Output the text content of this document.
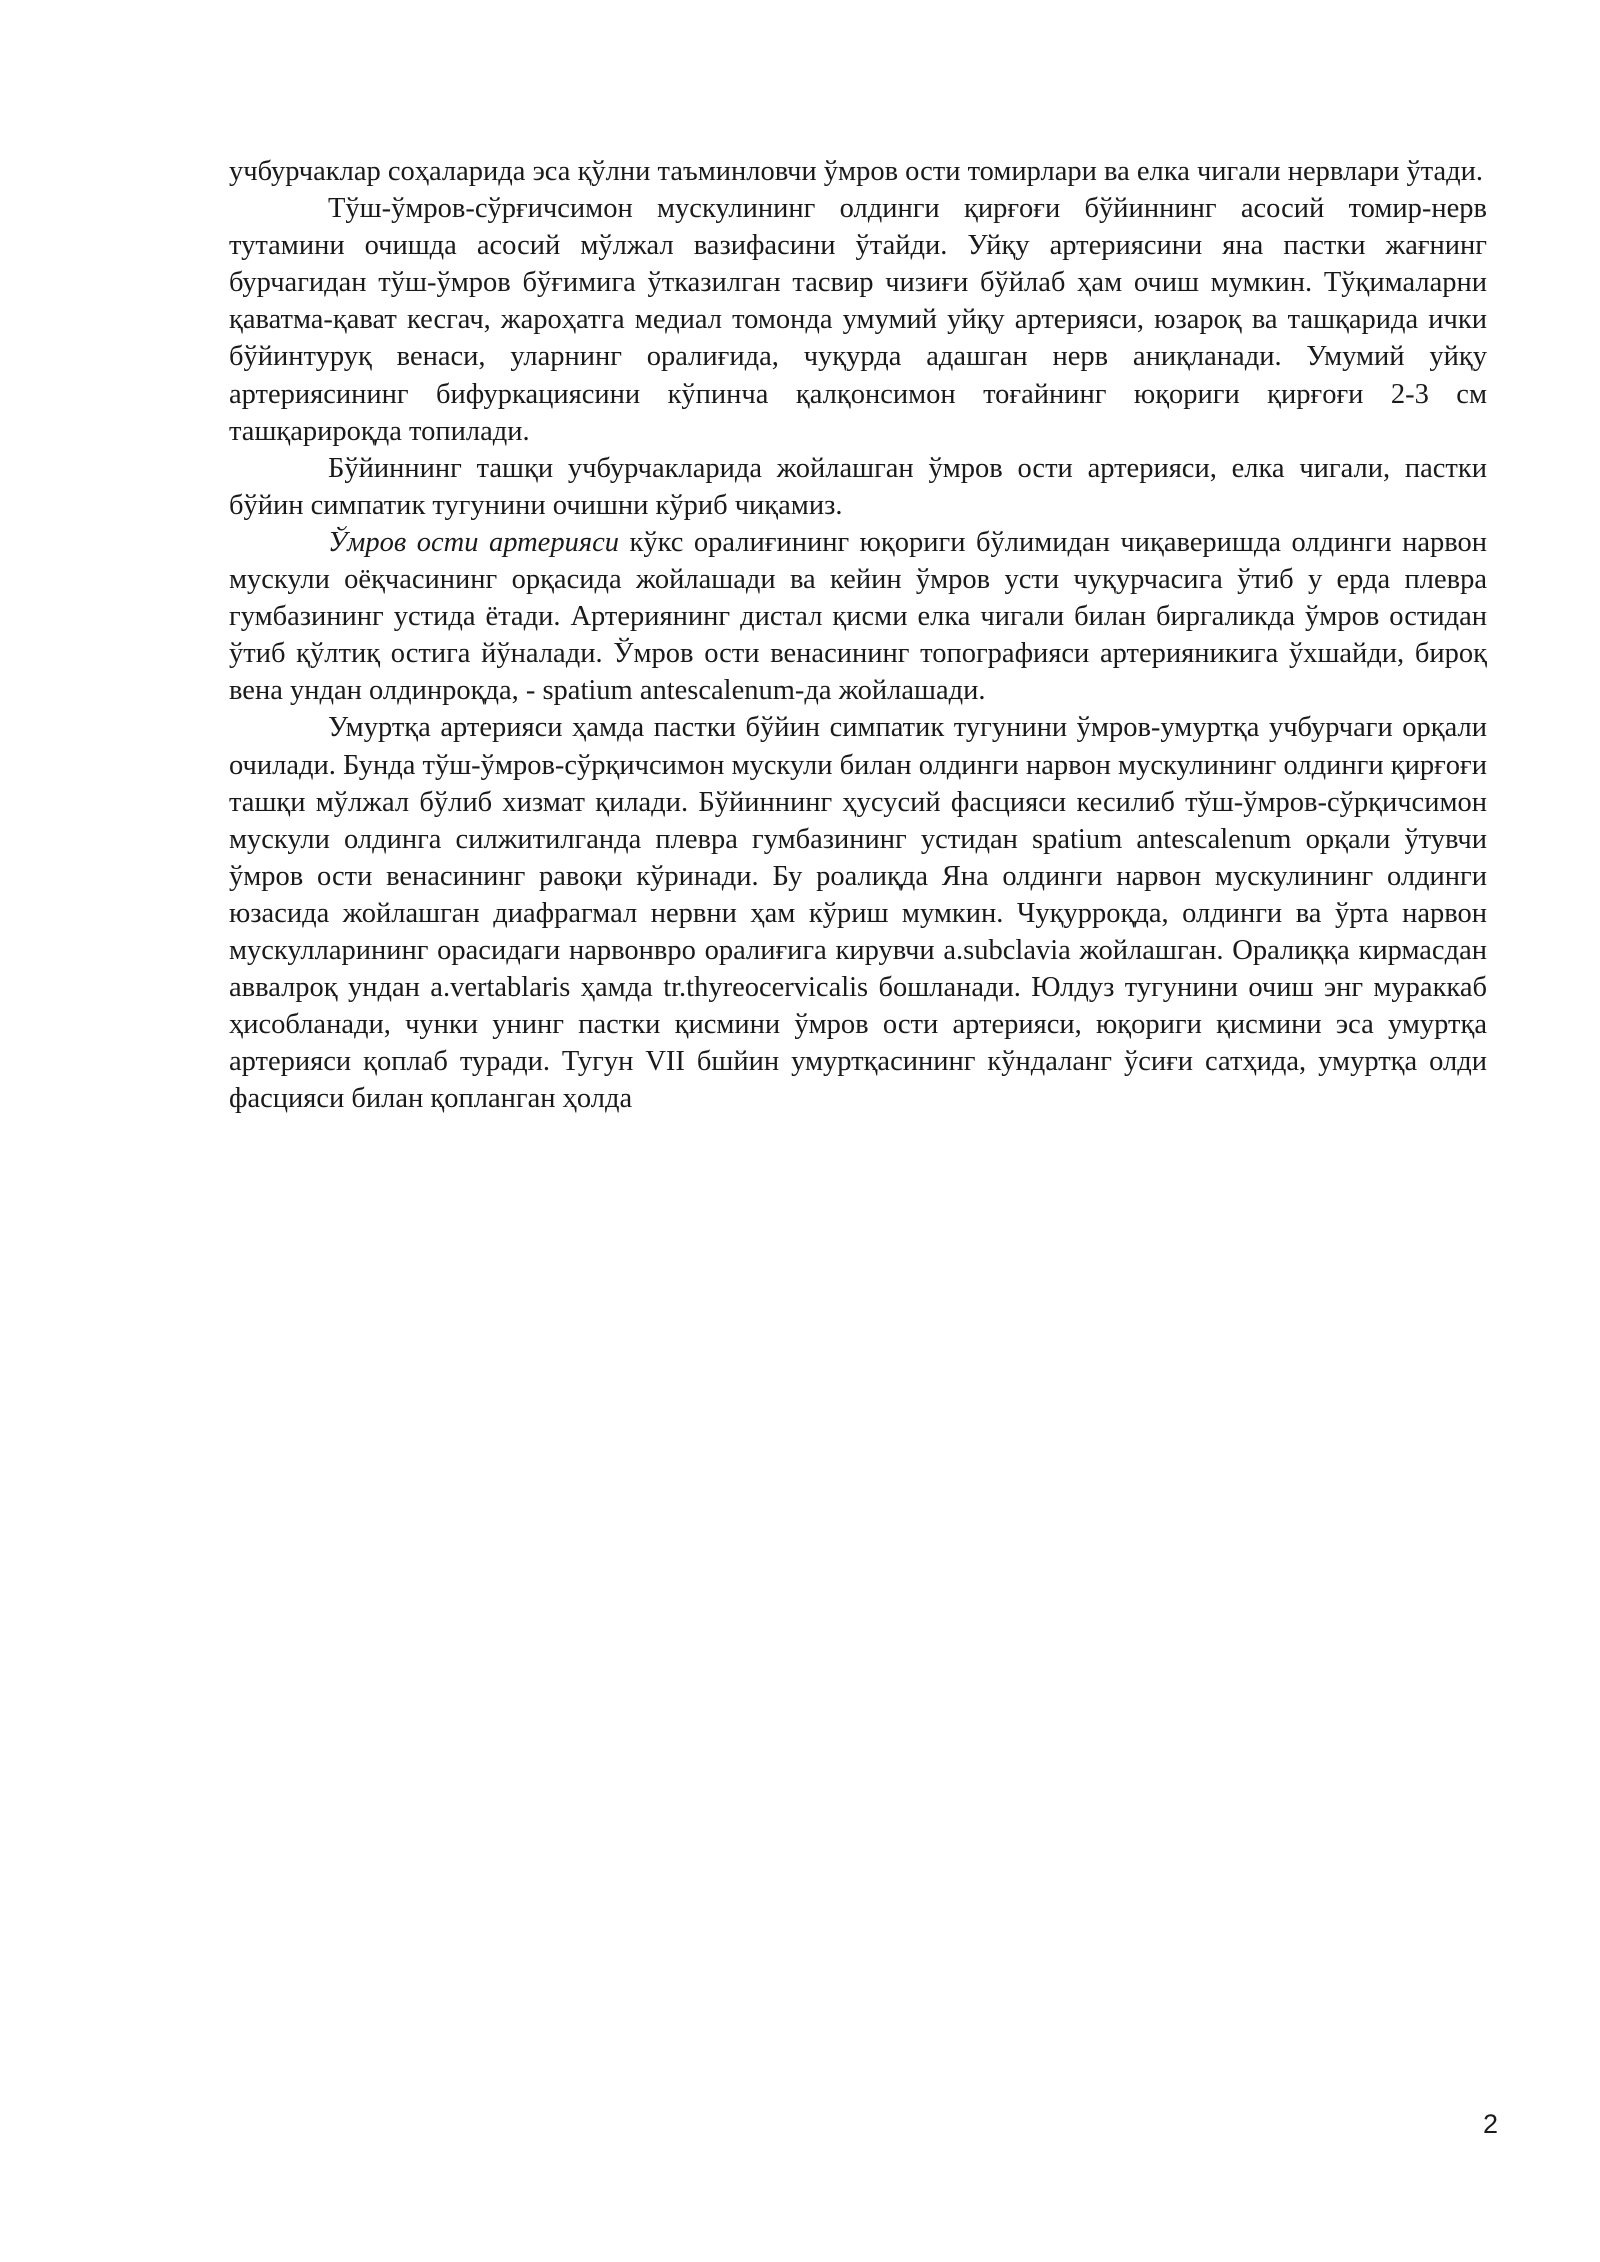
учбурчаклар соҳаларида эса қўлни таъминловчи ўмров ости томирлари ва елка чигали нервлари ўтади.

Тўш-ўмров-сўрғичсимон мускулининг олдинги қирғоғи бўйиннинг асосий томир-нерв тутамини очишда асосий мўлжал вазифасини ўтайди. Уйқу артериясини яна пастки жағнинг бурчагидан тўш-ўмров бўғимига ўтказилган тасвир чизиғи бўйлаб ҳам очиш мумкин. Тўқималарни қаватма-қават кесгач, жароҳатга медиал томонда умумий уйқу артерияси, юзароқ ва ташқарида ички бўйинтуруқ венаси, уларнинг оралиғида, чуқурда адашган нерв аниқланади. Умумий уйқу артериясининг бифуркациясини кўпинча қалқонсимон тоғайнинг юқориги қирғоғи 2-3 см ташқарироқда топилади.

Бўйиннинг ташқи учбурчакларида жойлашган ўмров ости артерияси, елка чигали, пастки бўйин симпатик тугунини очишни кўриб чиқамиз.

Ўмров ости артерияси кўкс оралиғининг юқориги бўлимидан чиқаверишда олдинги нарвон мускули оёқчасининг орқасида жойлашади ва кейин ўмров усти чуқурчасига ўтиб у ерда плевра гумбазининг устида ётади. Артериянинг дистал қисми елка чигали билан биргаликда ўмров остидан ўтиб қўлтиқ остига йўналади. Ўмров ости венасининг топографияси артерияникига ўхшайди, бироқ вена ундан олдинроқда, - spatium antescalenum-да жойлашади.

Умуртқа артерияси ҳамда пастки бўйин симпатик тугунини ўмров-умуртқа учбурчаги орқали очилади. Бунда тўш-ўмров-сўрқичсимон мускули билан олдинги нарвон мускулининг олдинги қирғоғи ташқи мўлжал бўлиб хизмат қилади. Бўйиннинг ҳусусий фасцияси кесилиб тўш-ўмров-сўрқичсимон мускули олдинга силжитилганда плевра гумбазининг устидан spatium antescalenum орқали ўтувчи ўмров ости венасининг равоқи кўринади. Бу роалиқда Яна олдинги нарвон мускулининг олдинги юзасида жойлашган диафрагмал нервни ҳам кўриш мумкин. Чуқурроқда, олдинги ва ўрта нарвон мускулларининг орасидаги нарвонвро оралиғига кирувчи a.subclavia жойлашган. Оралиққа кирмасдан аввалроқ ундан a.vertablaris ҳамда tr.thyreocervicalis бошланади. Юлдуз тугунини очиш энг мураккаб ҳисобланади, чунки унинг пастки қисмини ўмров ости артерияси, юқориги қисмини эса умуртқа артерияси қоплаб туради. Тугун VII бшйин умуртқасининг кўндаланг ўсиғи сатҳида, умуртқа олди фасцияси билан қопланган ҳолда

2
